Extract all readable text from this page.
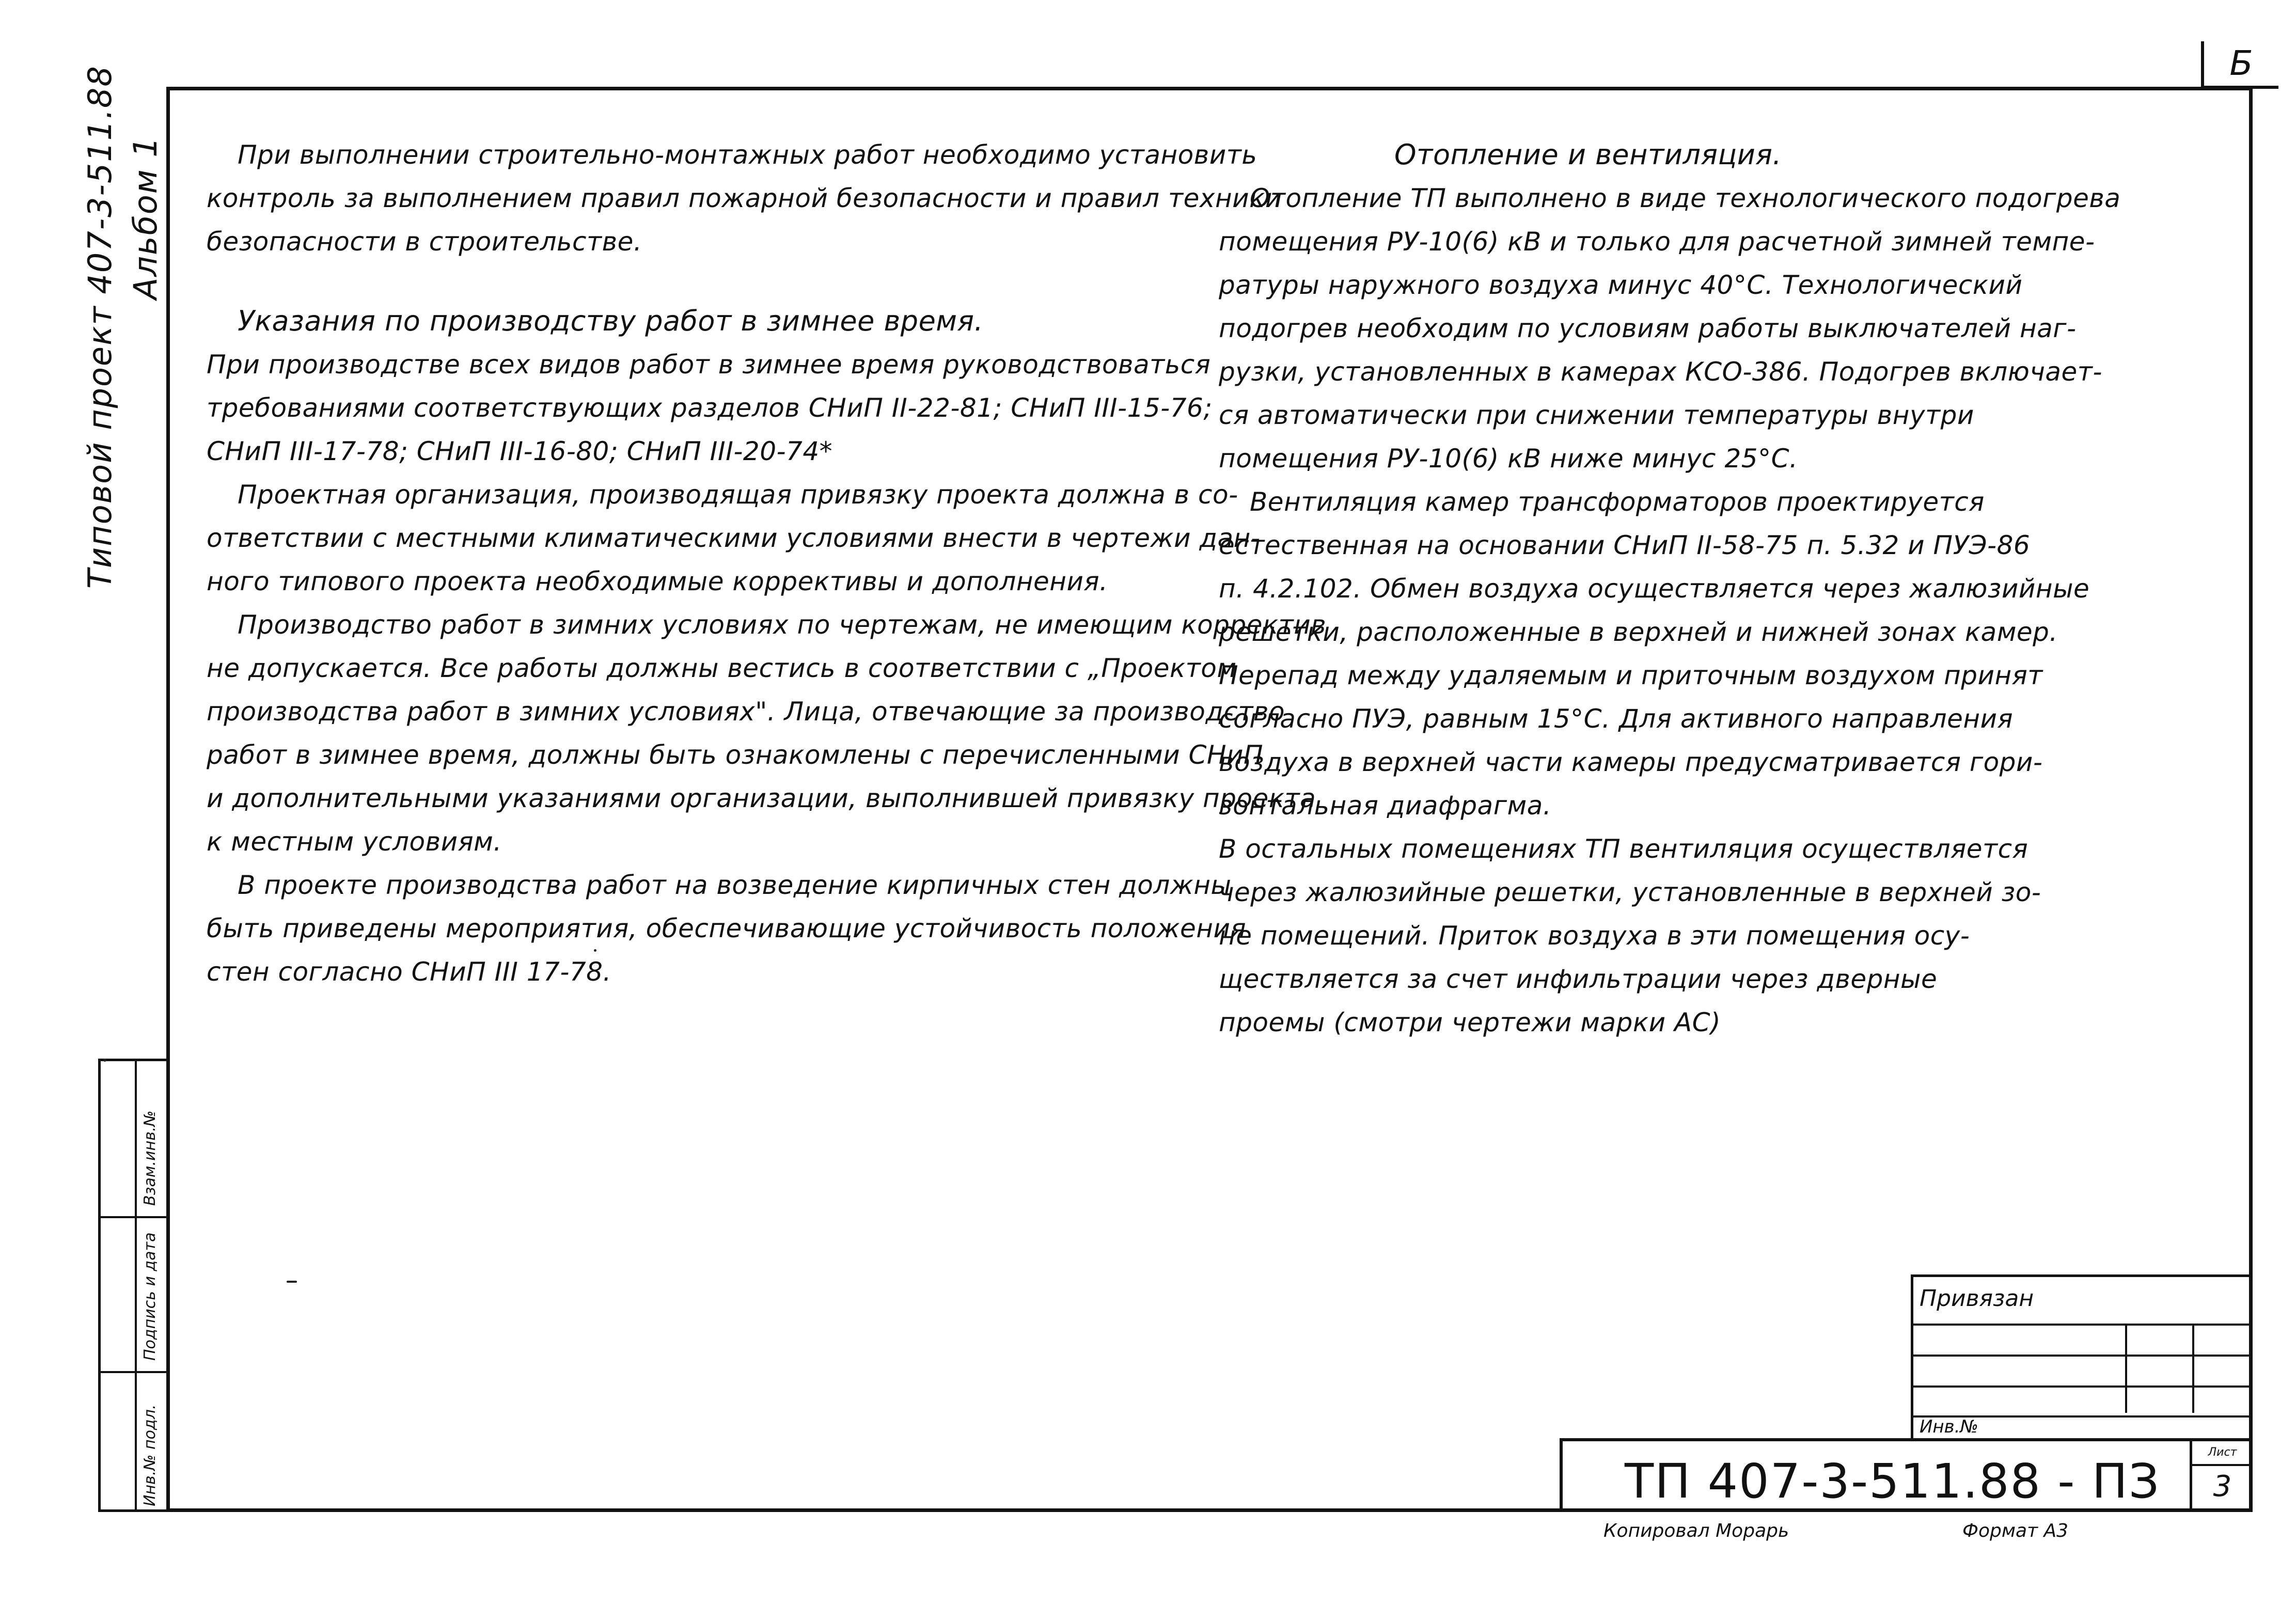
Б
Типовой проект 407-3-511.88 Альбом 1
Инв.№ подл.
Подпись и дата
Взам.инв.№

При выполнении строительно-монтажных работ необходимо установить

контроль за выполнением правил пожарной безопасности и правил техники

безопасности в строительстве.

Указания по производству работ в зимнее время.

При производстве всех видов работ в зимнее время руководствоваться

требованиями соответствующих разделов СНиП II-22-81; СНиП III-15-76;

СНиП III-17-78; СНиП III-16-80; СНиП III-20-74*

Проектная организация, производящая привязку проекта должна в со-

ответствии с местными климатическими условиями внести в чертежи дан-

ного типового проекта необходимые коррективы и дополнения.

Производство работ в зимних условиях по чертежам, не имеющим корректив

не допускается. Все работы должны вестись в соответствии с „Проектом

производства работ в зимних условиях". Лица, отвечающие за производство

работ в зимнее время, должны быть ознакомлены с перечисленными СНиП

и дополнительными указаниями организации, выполнившей привязку проекта

к местным условиям.

В проекте производства работ на возведение кирпичных стен должны

быть приведены мероприятия, обеспечивающие устойчивость положения

стен согласно СНиП III 17-78.

Отопление и вентиляция.

Отопление ТП выполнено в виде технологического подогрева

помещения РУ-10(6) кВ и только для расчетной зимней темпе-

ратуры наружного воздуха минус 40°С. Технологический

подогрев необходим по условиям работы выключателей наг-

рузки, установленных в камерах КСО-386. Подогрев включает-

ся автоматически при снижении температуры внутри

помещения РУ-10(6) кВ ниже минус 25°С.

Вентиляция камер трансформаторов проектируется

естественная на основании СНиП II-58-75 п. 5.32 и ПУЭ-86

п. 4.2.102. Обмен воздуха осуществляется через жалюзийные

решетки, расположенные в верхней и нижней зонах камер.

Перепад между удаляемым и приточным воздухом принят

согласно ПУЭ, равным 15°С. Для активного направления

воздуха в верхней части камеры предусматривается гори-

зонтальная диафрагма.

В остальных помещениях ТП вентиляция осуществляется

через жалюзийные решетки, установленные в верхней зо-

не помещений. Приток воздуха в эти помещения осу-

ществляется за счет инфильтрации через дверные

проемы (смотри чертежи марки АС)

Привязан
Инв.№
ТП 407-3-511.88 - ПЗ
Лист
3
Копировал Морарь	Формат А3
